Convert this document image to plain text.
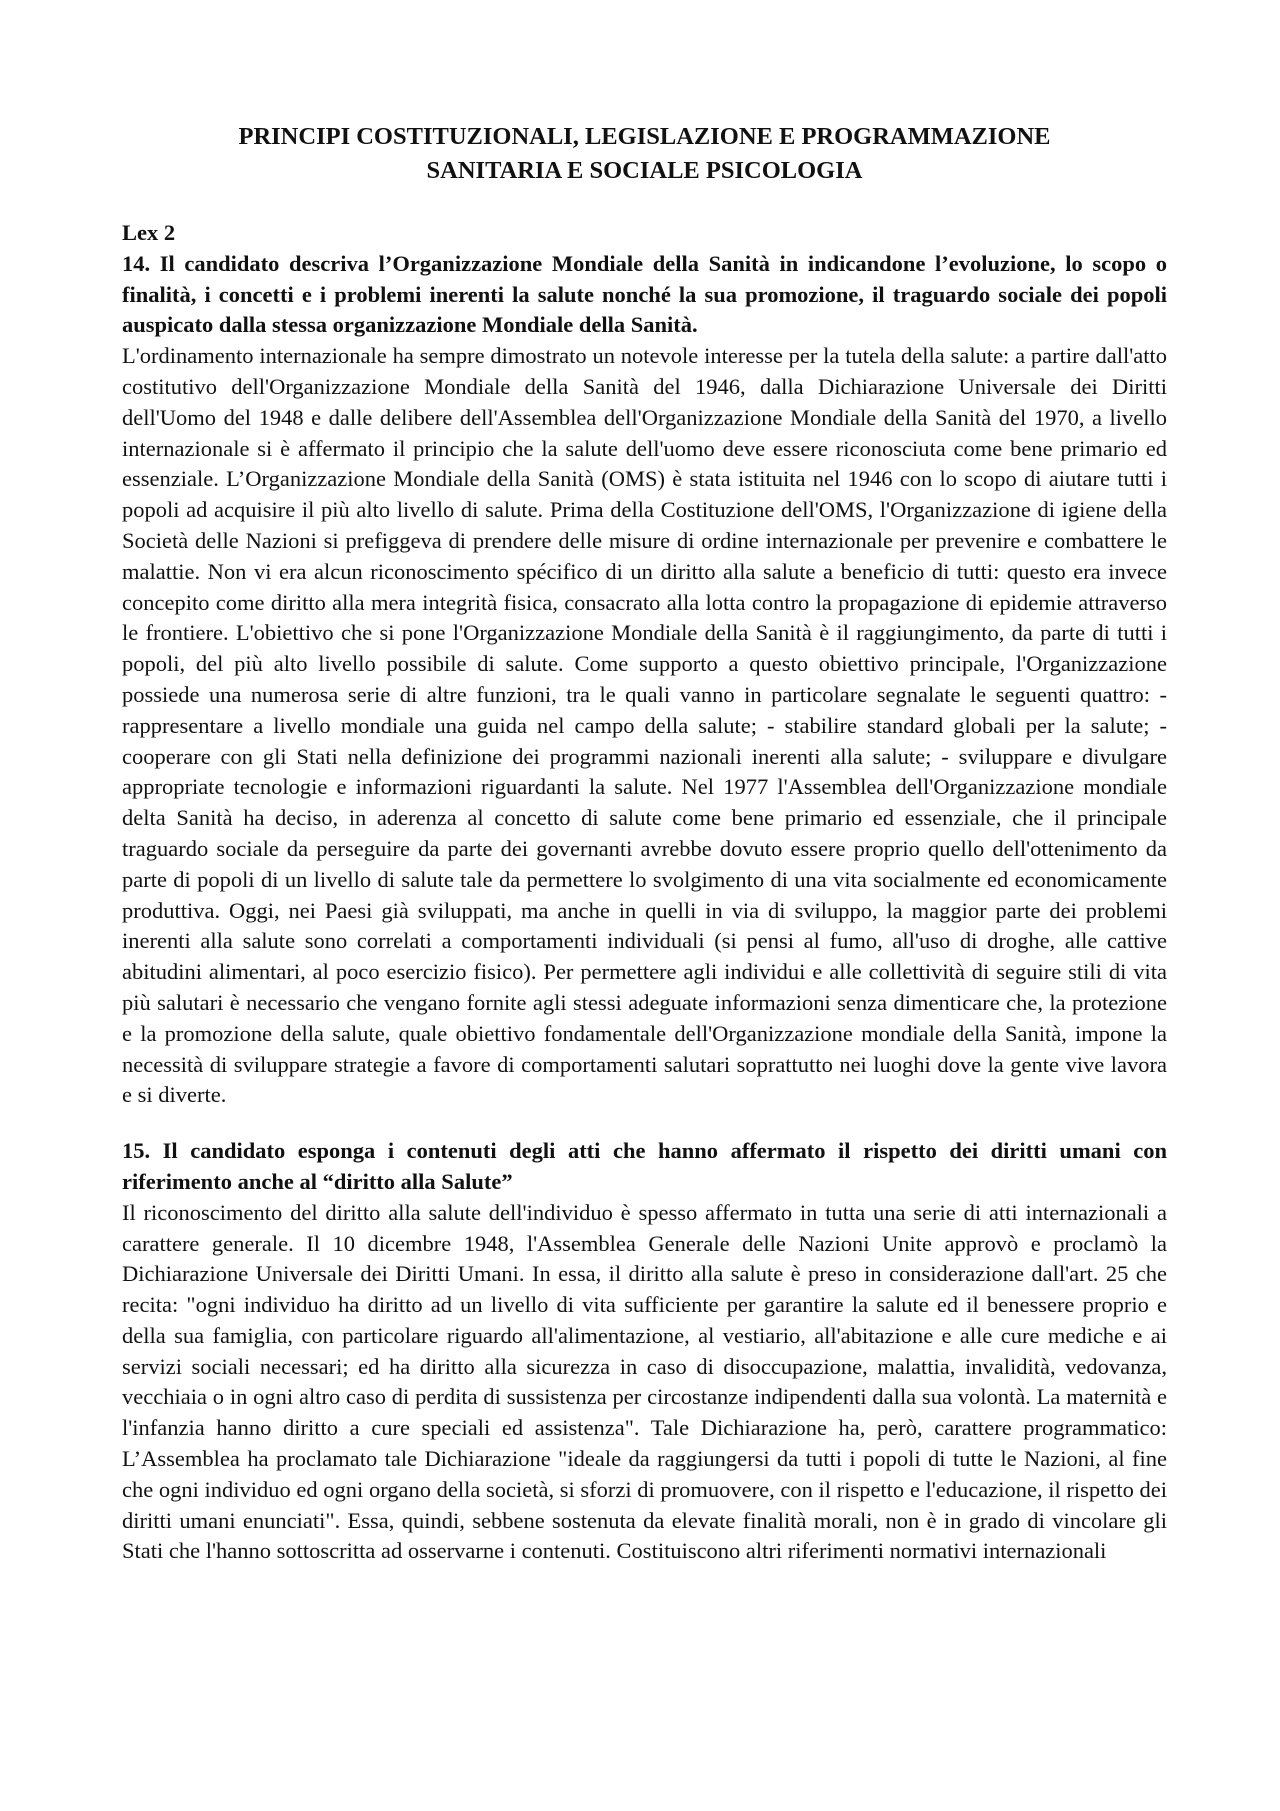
PRINCIPI COSTITUZIONALI, LEGISLAZIONE E PROGRAMMAZIONE
SANITARIA E SOCIALE PSICOLOGIA

Lex 2

14. Il candidato descriva l’Organizzazione Mondiale della Sanità in indicandone l’evoluzione, lo scopo o finalità, i concetti e i problemi inerenti la salute nonché la sua promozione, il traguardo sociale dei popoli auspicato dalla stessa organizzazione Mondiale della Sanità.

L'ordinamento internazionale ha sempre dimostrato un notevole interesse per la tutela della salute: a partire dall'atto costitutivo dell'Organizzazione Mondiale della Sanità del 1946, dalla Dichiarazione Universale dei Diritti dell'Uomo del 1948 e dalle delibere dell'Assemblea dell'Organizzazione Mondiale della Sanità del 1970, a livello internazionale si è affermato il principio che la salute dell'uomo deve essere riconosciuta come bene primario ed essenziale. L’Organizzazione Mondiale della Sanità (OMS) è stata istituita nel 1946 con lo scopo di aiutare tutti i popoli ad acquisire il più alto livello di salute. Prima della Costituzione dell'OMS, l'Organizzazione di igiene della Società delle Nazioni si prefiggeva di prendere delle misure di ordine internazionale per prevenire e combattere le malattie. Non vi era alcun riconoscimento spécifico di un diritto alla salute a beneficio di tutti: questo era invece concepito come diritto alla mera integrità fisica, consacrato alla lotta contro la propagazione di epidemie attraverso le frontiere. L'obiettivo che si pone l'Organizzazione Mondiale della Sanità è il raggiungimento, da parte di tutti i popoli, del più alto livello possibile di salute. Come supporto a questo obiettivo principale, l'Organizzazione possiede una numerosa serie di altre funzioni, tra le quali vanno in particolare segnalate le seguenti quattro: - rappresentare a livello mondiale una guida nel campo della salute; - stabilire standard globali per la salute; - cooperare con gli Stati nella definizione dei programmi nazionali inerenti alla salute; - sviluppare e divulgare appropriate tecnologie e informazioni riguardanti la salute. Nel 1977 l'Assemblea dell'Organizzazione mondiale delta Sanità ha deciso, in aderenza al concetto di salute come bene primario ed essenziale, che il principale traguardo sociale da perseguire da parte dei governanti avrebbe dovuto essere proprio quello dell'ottenimento da parte di popoli di un livello di salute tale da permettere lo svolgimento di una vita socialmente ed economicamente produttiva. Oggi, nei Paesi già sviluppati, ma anche in quelli in via di sviluppo, la maggior parte dei problemi inerenti alla salute sono correlati a comportamenti individuali (si pensi al fumo, all'uso di droghe, alle cattive abitudini alimentari, al poco esercizio fisico). Per permettere agli individui e alle collettività di seguire stili di vita più salutari è necessario che vengano fornite agli stessi adeguate informazioni senza dimenticare che, la protezione e la promozione della salute, quale obiettivo fondamentale dell'Organizzazione mondiale della Sanità, impone la necessità di sviluppare strategie a favore di comportamenti salutari soprattutto nei luoghi dove la gente vive lavora e si diverte.

15. Il candidato esponga i contenuti degli atti che hanno affermato il rispetto dei diritti umani con riferimento anche al “diritto alla Salute”

Il riconoscimento del diritto alla salute dell'individuo è spesso affermato in tutta una serie di atti internazionali a carattere generale. Il 10 dicembre 1948, l'Assemblea Generale delle Nazioni Unite approvò e proclamò la Dichiarazione Universale dei Diritti Umani. In essa, il diritto alla salute è preso in considerazione dall'art. 25 che recita: "ogni individuo ha diritto ad un livello di vita sufficiente per garantire la salute ed il benessere proprio e della sua famiglia, con particolare riguardo all'alimentazione, al vestiario, all'abitazione e alle cure mediche e ai servizi sociali necessari; ed ha diritto alla sicurezza in caso di disoccupazione, malattia, invalidità, vedovanza, vecchiaia o in ogni altro caso di perdita di sussistenza per circostanze indipendenti dalla sua volontà. La maternità e l'infanzia hanno diritto a cure speciali ed assistenza". Tale Dichiarazione ha, però, carattere programmatico: L’Assemblea ha proclamato tale Dichiarazione "ideale da raggiungersi da tutti i popoli di tutte le Nazioni, al fine che ogni individuo ed ogni organo della società, si sforzi di promuovere, con il rispetto e l'educazione, il rispetto dei diritti umani enunciati". Essa, quindi, sebbene sostenuta da elevate finalità morali, non è in grado di vincolare gli Stati che l'hanno sottoscritta ad osservarne i contenuti. Costituiscono altri riferimenti normativi internazionali
